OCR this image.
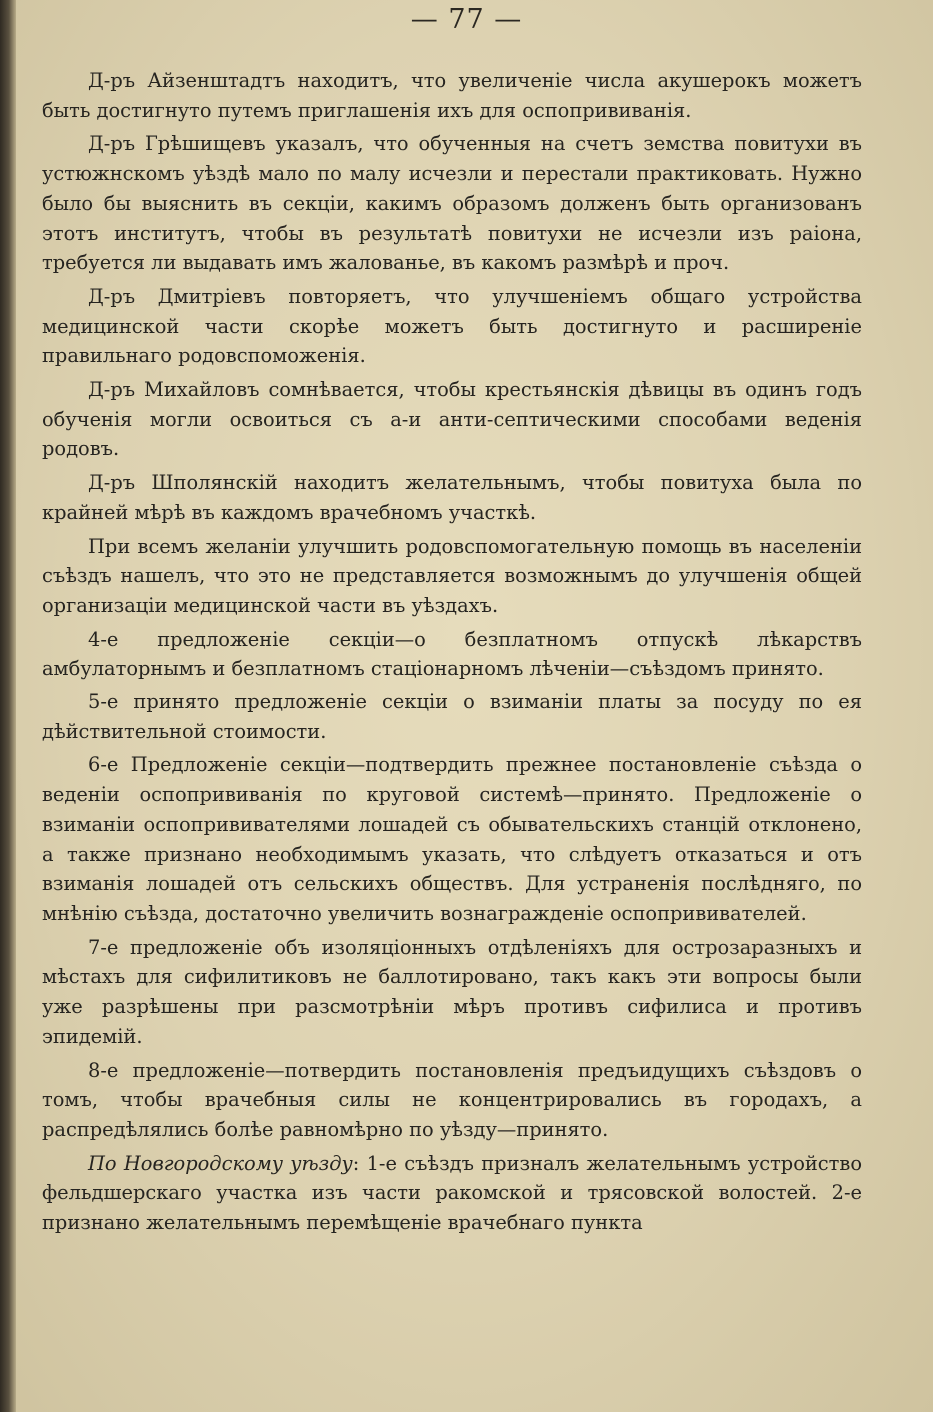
— 77 —

Д-ръ Айзенштадтъ находитъ, что увеличеніе числа акушерокъ можетъ быть достигнуто путемъ приглашенія ихъ для оспопрививанія.

Д-ръ Грѣшищевъ указалъ, что обученныя на счетъ земства повитухи въ устюжнскомъ уѣздѣ мало по малу исчезли и перестали практиковать. Нужно было бы выяснить въ секціи, какимъ образомъ долженъ быть организованъ этотъ институтъ, чтобы въ результатѣ повитухи не исчезли изъ раіона, требуется ли выдавать имъ жалованье, въ какомъ размѣрѣ и проч.

Д-ръ Дмитріевъ повторяетъ, что улучшеніемъ общаго устройства медицинской части скорѣе можетъ быть достигнуто и расширеніе правильнаго родовспоможенія.

Д-ръ Михайловъ сомнѣвается, чтобы крестьянскія дѣвицы въ одинъ годъ обученія могли освоиться съ а-и анти-септическими способами веденія родовъ.

Д-ръ Шполянскій находитъ желательнымъ, чтобы повитуха была по крайней мѣрѣ въ каждомъ врачебномъ участкѣ.

При всемъ желаніи улучшить родовспомогательную помощь въ населеніи съѣздъ нашелъ, что это не представляется возможнымъ до улучшенія общей организаціи медицинской части въ уѣздахъ.

4-е предложеніе секціи—о безплатномъ отпускѣ лѣкарствъ амбулаторнымъ и безплатномъ стаціонарномъ лѣченіи—съѣздомъ принято.

5-е принято предложеніе секціи о взиманіи платы за посуду по ея дѣйствительной стоимости.

6-е Предложеніе секціи—подтвердить прежнее постановленіе съѣзда о веденіи оспопрививанія по круговой системѣ—принято. Предложеніе о взиманіи оспопрививателями лошадей съ обывательскихъ станцій отклонено, а также признано необходимымъ указать, что слѣдуетъ отказаться и отъ взиманія лошадей отъ сельскихъ обществъ. Для устраненія послѣдняго, по мнѣнію съѣзда, достаточно увеличить вознагражденіе оспопрививателей.

7-е предложеніе объ изоляціонныхъ отдѣленіяхъ для острозаразныхъ и мѣстахъ для сифилитиковъ не баллотировано, такъ какъ эти вопросы были уже разрѣшены при разсмотрѣніи мѣръ противъ сифилиса и противъ эпидемій.

8-е предложеніе—потвердить постановленія предъидущихъ съѣздовъ о томъ, чтобы врачебныя силы не концентрировались въ городахъ, а распредѣлялись болѣе равномѣрно по уѣзду—принято.

По Новгородскому уѣзду: 1-е съѣздъ призналъ желательнымъ устройство фельдшерскаго участка изъ части ракомской и трясовской волостей. 2-е признано желательнымъ перемѣщеніе врачебнаго пункта
